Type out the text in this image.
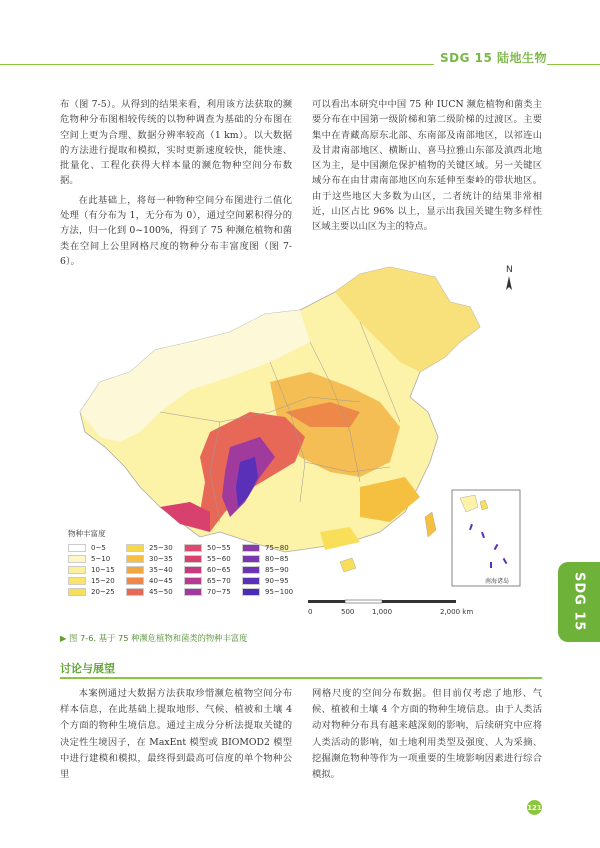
SDG 15 陆地生物

布（图 7-5）。从得到的结果来看，利用该方法获取的濒危物种分布图相较传统的以物种调查为基础的分布图在空间上更为合理、数据分辨率较高（1 km）。以大数据的方法进行提取和模拟，实时更新速度较快，能快速、批量化、工程化获得大样本量的濒危物种空间分布数据。

在此基础上，将每一种物种空间分布图进行二值化处理（有分布为 1，无分布为 0），通过空间累积得分的方法，归一化到 0~100%，得到了 75 种濒危植物和菌类在空间上公里网格尺度的物种分布丰富度图（图 7-6）。

可以看出本研究中中国 75 种 IUCN 濒危植物和菌类主要分布在中国第一级阶梯和第二级阶梯的过渡区。主要集中在青藏高原东北部、东南部及南部地区，以祁连山及甘肃南部地区、横断山、喜马拉雅山东部及滇西北地区为主，是中国濒危保护植物的关键区域。另一关键区域分布在由甘肃南部地区向东延伸至秦岭的带状地区。由于这些地区大多数为山区，二者统计的结果非常相近，山区占比 96% 以上，显示出我国关键生物多样性区域主要以山区为主的特点。

N
南海诸岛
物种丰富度
0~5	25~30	50~55	75~80
5~10	30~35	55~60	80~85
10~15	35~40	60~65	85~90
15~20	40~45	65~70	90~95
20~25	45~50	70~75	95~100
0	500	1,000	2,000 km
▶ 图 7-6. 基于 75 种濒危植物和菌类的物种丰富度
讨论与展望

本案例通过大数据方法获取珍惜濒危植物空间分布样本信息，在此基础上提取地形、气候、植被和土壤 4 个方面的物种生境信息。通过主成分分析法提取关键的决定性生境因子，在 MaxEnt 模型或 BIOMOD2 模型中进行建模和模拟，最终得到最高可信度的单个物种公里

网格尺度的空间分布数据。但目前仅考虑了地形、气候、植被和土壤 4 个方面的物种生境信息。由于人类活动对物种分布具有越来越深刻的影响，后续研究中应将人类活动的影响，如土地利用类型及强度、人为采摘、挖掘濒危物种等作为一项重要的生境影响因素进行综合模拟。

SDG 15
121
